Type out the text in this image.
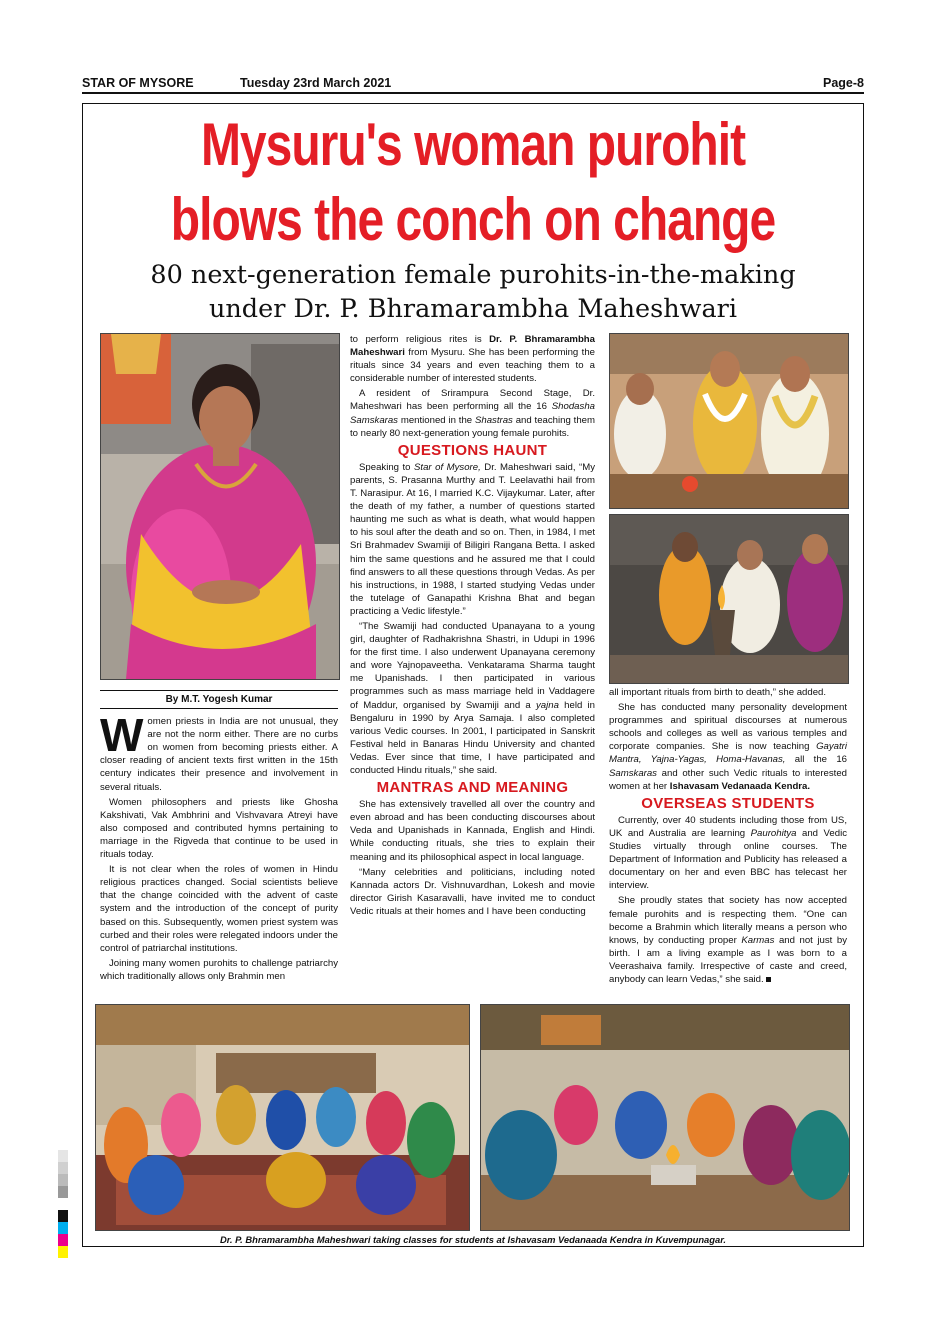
STAR OF MYSORE	Tuesday 23rd March 2021	Page-8
Mysuru's woman purohit
blows the conch on change
80 next-generation female purohits-in-the-making
under Dr. P. Bhramarambha Maheshwari
By M.T. Yogesh Kumar

Women priests in India are not unusual, they are not the norm either. There are no curbs on women from becoming priests either. A closer reading of ancient texts first written in the 15th century indicates their presence and involvement in several rituals.

Women philosophers and priests like Ghosha Kakshivati, Vak Ambhrini and Vishvavara Atreyi have also composed and contributed hymns pertaining to marriage in the Rigveda that continue to be used in rituals today.

It is not clear when the roles of women in Hindu religious practices changed. Social scientists believe that the change coincided with the advent of caste system and the introduction of the concept of purity based on this. Subsequently, women priest system was curbed and their roles were relegated indoors under the control of patriarchal institutions.

Joining many women purohits to challenge patriarchy which traditionally allows only Brahmin men

to perform religious rites is Dr. P. Bhramarambha Maheshwari from Mysuru. She has been performing the rituals since 34 years and even teaching them to a considerable number of interested students.

A resident of Srirampura Second Stage, Dr. Maheshwari has been performing all the 16 Shodasha Samskaras mentioned in the Shastras and teaching them to nearly 80 next-generation young female purohits.

QUESTIONS HAUNT

Speaking to Star of Mysore, Dr. Maheshwari said, “My parents, S. Prasanna Murthy and T. Leelavathi hail from T. Narasipur. At 16, I married K.C. Vijaykumar. Later, after the death of my father, a number of questions started haunting me such as what is death, what would happen to his soul after the death and so on. Then, in 1984, I met Sri Brahmadev Swamiji of Biligiri Rangana Betta. I asked him the same questions and he assured me that I could find answers to all these questions through Vedas. As per his instructions, in 1988, I started studying Vedas under the tutelage of Ganapathi Krishna Bhat and began practicing a Vedic lifestyle.”

“The Swamiji had conducted Upanayana to a young girl, daughter of Radhakrishna Shastri, in Udupi in 1996 for the first time. I also underwent Upanayana ceremony and wore Yajnopaveetha. Venkatarama Sharma taught me Upanishads. I then participated in various programmes such as mass marriage held in Vaddagere of Maddur, organised by Swamiji and a yajna held in Bengaluru in 1990 by Arya Samaja. I also completed various Vedic courses. In 2001, I participated in Sanskrit Festival held in Banaras Hindu University and chanted Vedas. Ever since that time, I have participated and conducted Hindu rituals,” she said.

MANTRAS AND MEANING

She has extensively travelled all over the country and even abroad and has been conducting discourses about Veda and Upanishads in Kannada, English and Hindi. While conducting rituals, she tries to explain their meaning and its philosophical aspect in local language.

“Many celebrities and politicians, including noted Kannada actors Dr. Vishnuvardhan, Lokesh and movie director Girish Kasaravalli, have invited me to conduct Vedic rituals at their homes and I have been conducting

all important rituals from birth to death,” she added.

She has conducted many personality development programmes and spiritual discourses at numerous schools and colleges as well as various temples and corporate companies. She is now teaching Gayatri Mantra, Yajna-Yagas, Homa-Havanas, all the 16 Samskaras and other such Vedic rituals to interested women at her Ishavasam Vedanaada Kendra.

OVERSEAS STUDENTS

Currently, over 40 students including those from US, UK and Australia are learning Paurohitya and Vedic Studies virtually through online courses. The Department of Information and Publicity has released a documentary on her and even BBC has telecast her interview.

She proudly states that society has now accepted female purohits and is respecting them. “One can become a Brahmin which literally means a person who knows, by conducting proper Karmas and not just by birth. I am a living example as I was born to a Veerashaiva family. Irrespective of caste and creed, anybody can learn Vedas,” she said.

Dr. P. Bhramarambha Maheshwari taking classes for students at Ishavasam Vedanaada Kendra in Kuvempunagar.
